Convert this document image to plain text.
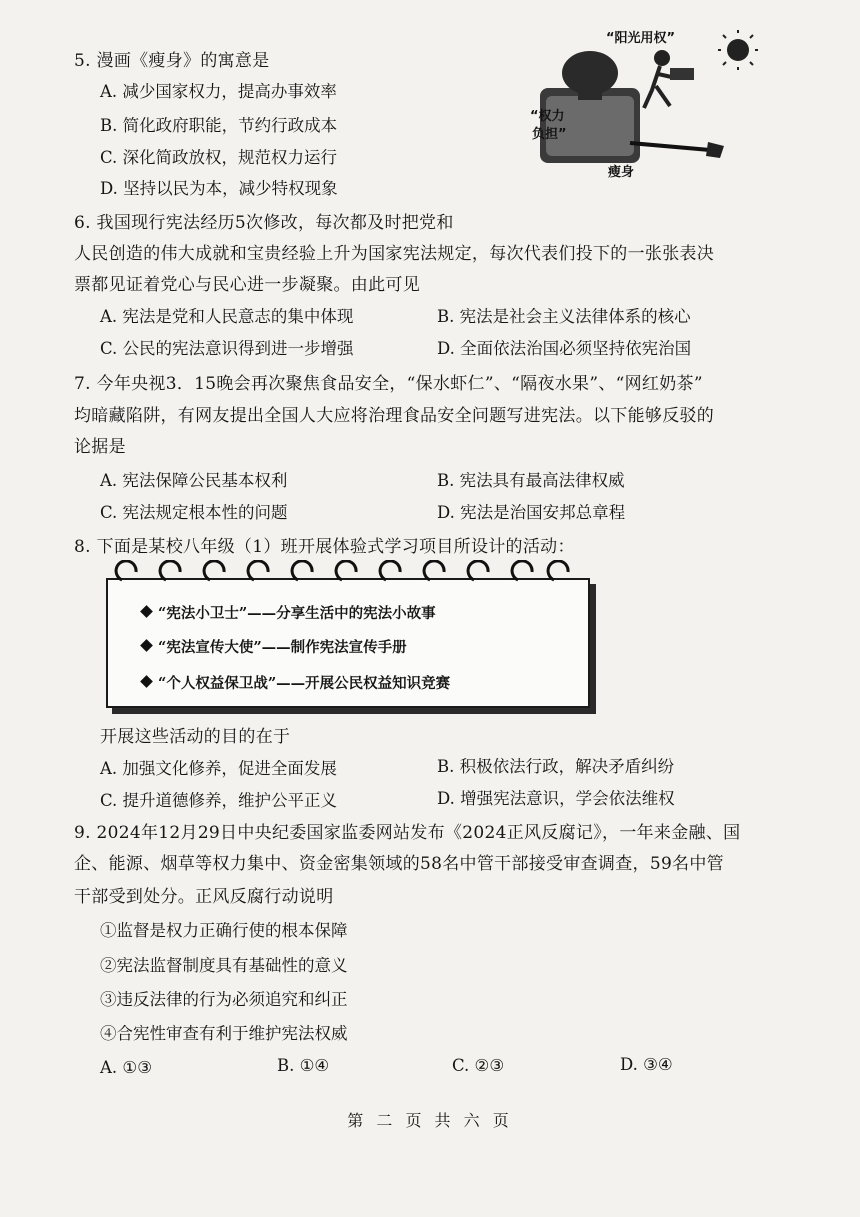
5. 漫画《瘦身》的寓意是
A. 减少国家权力，提高办事效率
B. 简化政府职能，节约行政成本
C. 深化简政放权，规范权力运行
D. 坚持以民为本，减少特权现象
“阳光用权”
“权力
负担”
瘦身
6. 我国现行宪法经历5次修改，每次都及时把党和
人民创造的伟大成就和宝贵经验上升为国家宪法规定，每次代表们投下的一张张表决
票都见证着党心与民心进一步凝聚。由此可见
A. 宪法是党和人民意志的集中体现	B. 宪法是社会主义法律体系的核心
C. 公民的宪法意识得到进一步增强	D. 全面依法治国必须坚持依宪治国
7. 今年央视3．15晚会再次聚焦食品安全，“保水虾仁”、“隔夜水果”、“网红奶茶”
均暗藏陷阱，有网友提出全国人大应将治理食品安全问题写进宪法。以下能够反驳的
论据是
A. 宪法保障公民基本权利	B. 宪法具有最高法律权威
C. 宪法规定根本性的问题	D. 宪法是治国安邦总章程
8. 下面是某校八年级（1）班开展体验式学习项目所设计的活动：
“宪法小卫士”——分享生活中的宪法小故事
“宪法宣传大使”——制作宪法宣传手册
“个人权益保卫战”——开展公民权益知识竞赛
开展这些活动的目的在于
A. 加强文化修养，促进全面发展	B. 积极依法行政，解决矛盾纠纷
C. 提升道德修养，维护公平正义	D. 增强宪法意识，学会依法维权
9. 2024年12月29日中央纪委国家监委网站发布《2024正风反腐记》，一年来金融、国
企、能源、烟草等权力集中、资金密集领域的58名中管干部接受审查调查，59名中管
干部受到处分。正风反腐行动说明
①监督是权力正确行使的根本保障
②宪法监督制度具有基础性的意义
③违反法律的行为必须追究和纠正
④合宪性审查有利于维护宪法权威
A. ①③	B. ①④	C. ②③	D. ③④
第 二 页 共 六 页
